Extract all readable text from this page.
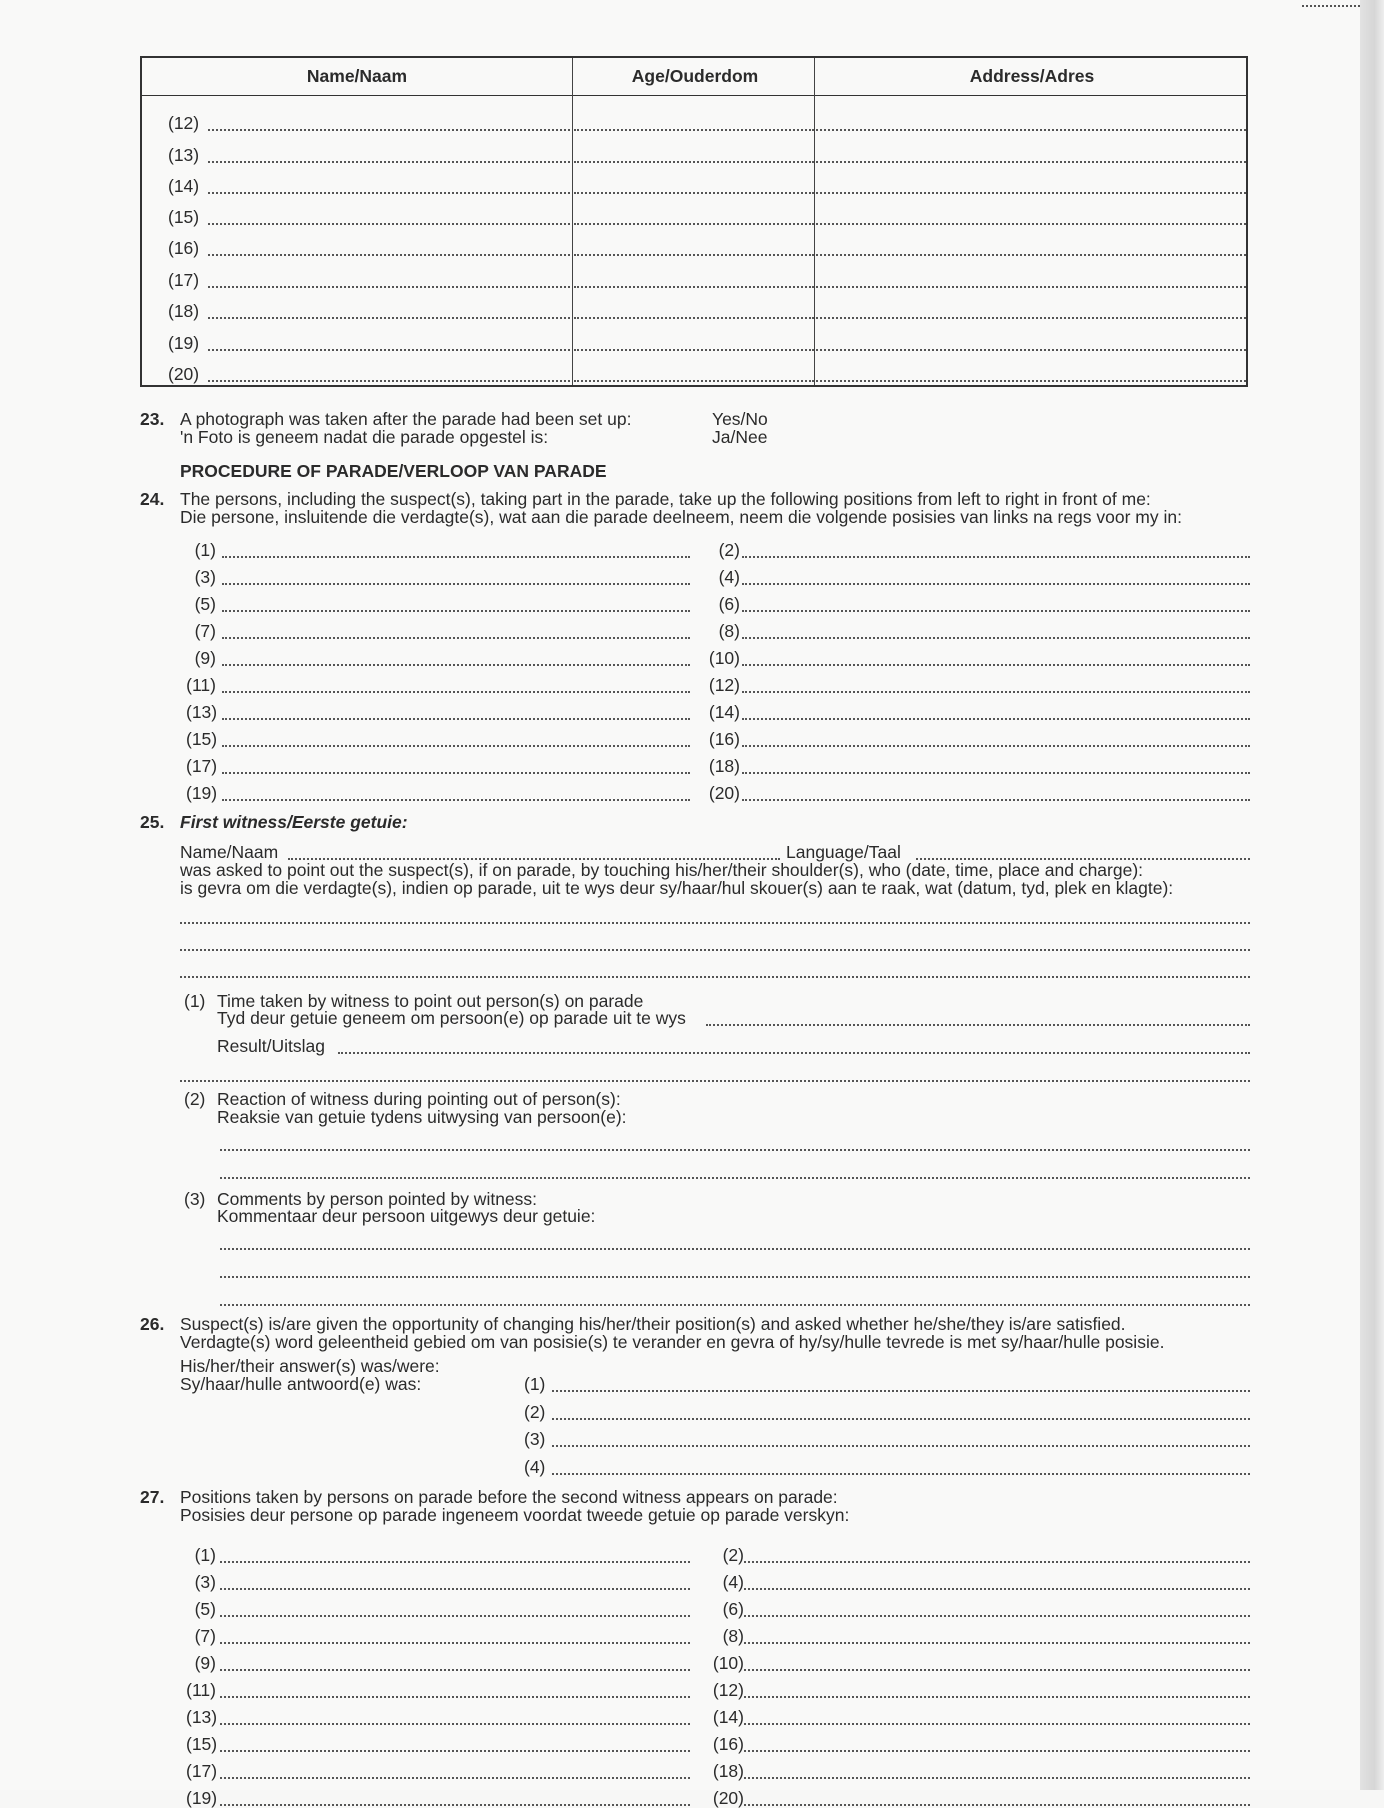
Name/Naam	Age/Ouderdom	Address/Adres
(12)
(13)
(14)
(15)
(16)
(17)
(18)
(19)
(20)
23. A photograph was taken after the parade had been set up:
'n Foto is geneem nadat die parade opgestel is:
Yes/No
Ja/Nee
PROCEDURE OF PARADE/VERLOOP VAN PARADE
24. The persons, including the suspect(s), taking part in the parade, take up the following positions from left to right in front of me:
Die persone, insluitende die verdagte(s), wat aan die parade deelneem, neem die volgende posisies van links na regs voor my in:
(1)	(2)
(3)	(4)
(5)	(6)
(7)	(8)
(9)	(10)
(11)	(12)
(13)	(14)
(15)	(16)
(17)	(18)
(19)	(20)
25. First witness/Eerste getuie:
Name/Naam	Language/Taal
was asked to point out the suspect(s), if on parade, by touching his/her/their shoulder(s), who (date, time, place and charge):
is gevra om die verdagte(s), indien op parade, uit te wys deur sy/haar/hul skouer(s) aan te raak, wat (datum, tyd, plek en klagte):
(1) Time taken by witness to point out person(s) on parade
Tyd deur getuie geneem om persoon(e) op parade uit te wys
Result/Uitslag
(2) Reaction of witness during pointing out of person(s):
Reaksie van getuie tydens uitwysing van persoon(e):
(3) Comments by person pointed by witness:
Kommentaar deur persoon uitgewys deur getuie:
26. Suspect(s) is/are given the opportunity of changing his/her/their position(s) and asked whether he/she/they is/are satisfied.
Verdagte(s) word geleentheid gebied om van posisie(s) te verander en gevra of hy/sy/hulle tevrede is met sy/haar/hulle posisie.
His/her/their answer(s) was/were:
Sy/haar/hulle antwoord(e) was:	(1)
(2)
(3)
(4)
27. Positions taken by persons on parade before the second witness appears on parade:
Posisies deur persone op parade ingeneem voordat tweede getuie op parade verskyn:
(1)	(2)
(3)	(4)
(5)	(6)
(7)	(8)
(9)	(10)
(11)	(12)
(13)	(14)
(15)	(16)
(17)	(18)
(19)	(20)
